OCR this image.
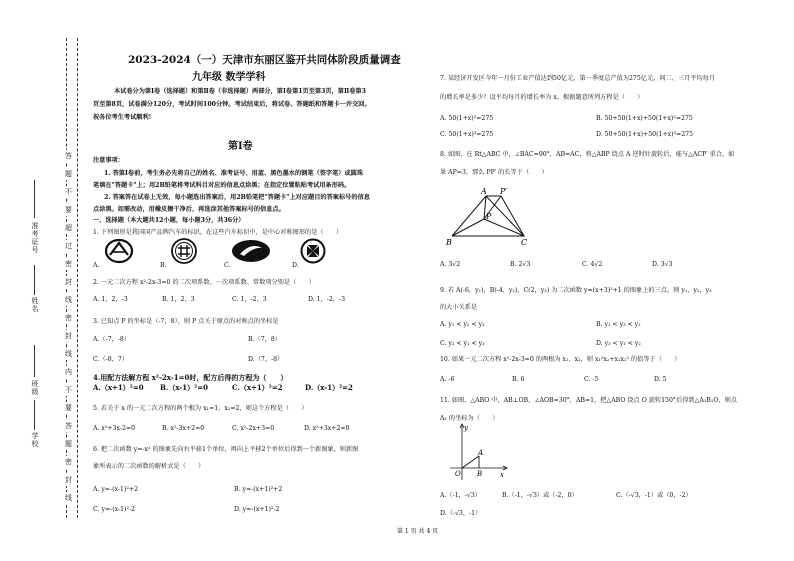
答
题
不
要
超
过
密
封
线
密
封
线
内
不
要
答
题
密
封
线
准考证号
姓名
班级
学校
2023-2024（一）天津市东丽区鉴开共同体阶段质量调查
九年级 数学学科
本试卷分为第Ⅰ卷（选择题）和第Ⅱ卷（非选择题）两部分，第Ⅰ卷第1页至第3页，第Ⅱ卷第3
页至第8页，试卷满分120分，考试时间100分钟。考试结束后，将试卷、答题纸和答题卡一并交回。
祝各位考生考试顺利!
第Ⅰ卷
注意事项：
1. 答第Ⅰ卷前，考生务必先将自己的姓名、准考证号、用蓝、黑色墨水的钢笔（签字笔）或圆珠
笔填在"答题卡"上；用2B铅笔将考试科目对应的信息点涂黑；在指定位置粘贴考试用条形码。
2. 答案答在试卷上无效，每小题选出答案后，用2B铅笔把"答题卡"上对应题目的答案标号的信息
点涂黑。如需改动，用橡皮擦干净后，再选涂其他答案标号的信息点。
一、选择题（本大题共12小题，每小题3分，共36分）
1. 下列图形是我国国产品牌汽车的标识，在这些汽车标识中，是中心对称图形的是（　　）
A.	B.	C.	D.
2. 一元二次方程 x²-2x-3=0 的二次项系数、一次项系数、常数项分别是（　　）
A. 1，2，-3	B. 1，2，3	C. 1，-2，3	D. 1，-2，-3
3. 已知点 P 的坐标是（-7，8），则 P 点关于原点的对称点的坐标是
A.（-7，-8）	B.（7，8）
C.（-8，7）	D.（7，-8）
4.用配方法解方程 x²-2x-1=0时，配方后得的方程为（　　）
A.（x+1）²=0 B.（x-1）²=0	C.（x+1）²=2	D.（x-1）²=2
5. 若关于 x 的一元二次方程的两个根为 x₁=1，x₂=2，则这个方程是（　　）
A. x²+3x-2=0	B. x²-3x+2=0	C. x²-2x+3=0	D. x²+3x+2=0
6. 把二次函数 y=-x² 的图象先向右平移1个单位，再向上平移2个单位后得到一个新图象，则新图
象所表示的二次函数的解析式是（　　）
A. y=-(x-1)²+2	B. y=-(x+1)²+2
C. y=-(x-1)²-2	D. y=-(x+1)²-2
7. 某经济开发区今年一月份工业产值达到50亿元，第一季度总产值为275亿元，问二、三月平均每月
的增长率是多少？设平均每月的增长率为 x，根据题意所列方程是（　　）
A. 50(1+x)²=275	B. 50+50(1+x)+50(1+x)²=275
C. 50(1+x)³=275	D. 50+50(1+x)+50(1+x)³=275
8. 如图，在 Rt△ABC 中，∠BAC=90°，AB=AC，将△ABP 绕点 A 逆时针旋转后，能与△ACP′ 重合，如
果 AP=3，那么 PP′ 的长等于（　　）
A P′
P
B	C
A. 3√2	B. 2√3	C. 4√2	D. 3√3
9. 若 A(-6，y₁)，B(-4，y₂)，C(2，y₃) 为二次函数 y=(x+3)²+1 的图象上的三点，则 y₁，y₂，y₃
的大小关系是
A. y₁ < y₂ < y₃	B. y₁ < y₃ < y₂
C. y₂ < y₁ < y₃	D. y₃ < y₁ < y₂
10. 如果一元二次方程 x²-2x-3=0 的两根为 x₁，x₂，则 x₁²x₂+x₁x₂² 的值等于（　　）
A. -6	B. 6	C. -5	D. 5
11. 如图，△ABO 中，AB⊥OB，∠AOB=30°，AB=1，把△ABO 绕点 O 旋转150°后得到△A₁B₁O，则点
A₁ 的坐标为（　　）
y
A
O B	x
A.（-1，-√3）	B.（-1，-√3）或（-2，0）	C.（-√3，-1）或（0，-2）
D.（-√3，-1）
第 1 页 共 4 页
